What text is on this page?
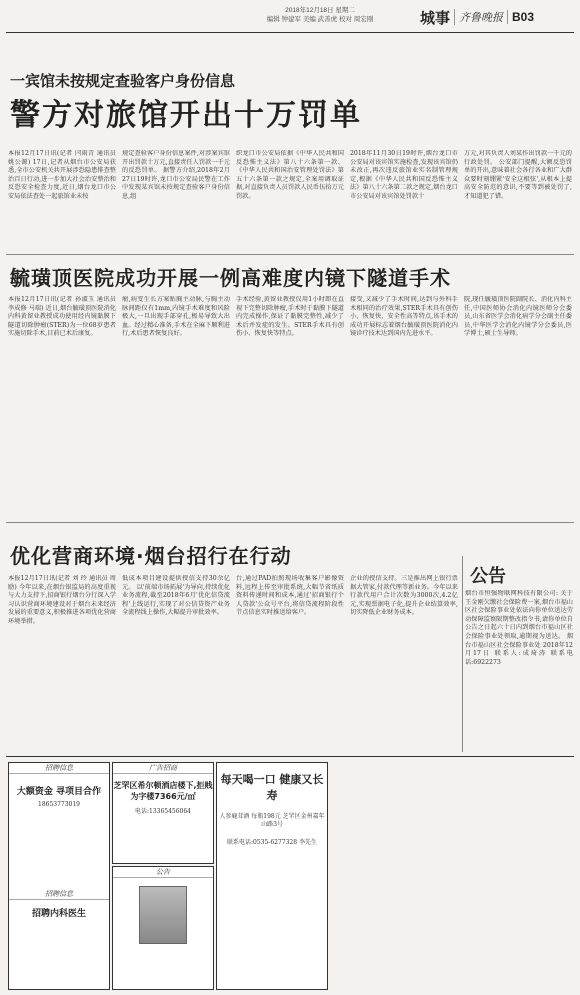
2018年12月18日 星期二
编辑 钟建军 美编 武善虎 校对 周宏刚	城事 齐鲁晚报 B03
一宾馆未按规定查验客户身份信息
警方对旅馆开出十万罚单
本报12月17日讯(记者 闫雨青 通讯员 姚公源) 17日,记者从烟台市公安局获悉,全市公安机关共开展涉恐隐患排查整治百日行动,进一步加大社会治安整治和反恐安全检查力度,近日,烟台龙口市公安局依法查处一起旅馆业未按
规定查验客户身份信息案件,对涉案宾馆开出罚款十万元,直接责任人罚款一千元的反恐罚单。 据警方介绍,2018年2月27日19时许,龙口市公安局民警在工作中发现某宾馆未按规定查验客户身份信息,组
织龙口市公安局依据《中华人民共和国反恐怖主义法》第八十六条第一款、《中华人民共和国治安管理处罚法》第五十六条第一款之规定,全案用调取证据,对直接负责人员罚款人民币伍拾万元罚款。
2018年11月30日19时许,烟台龙口市公安局对该宾馆实施检查,发现该宾馆仍未改正,再次违反旅馆业实名制管理规定,根据《中华人民共和国反恐怖主义法》第八十六条第二款之规定,烟台龙口市公安局对该宾馆处罚款十
万元,对其负责人刘某作出罚款一千元的行政处罚。 公安部门提醒,大额反恐罚单的开出,意味着社会各行各业和广大群众要时刻绷紧'安全这根弦',从根本上提高安全防范的意识,不要等到被处罚了,才知道犯了错。
毓璜顶医院成功开展一例高难度内镜下隧道手术
本报12月17日讯(记者 孙淑玉 通讯员 李成修 马瑞) 近日,烟台毓璜顶医院消化内科黄留业教授成功使用经内镜黏膜下隧道切除肿瘤(STER)为一位68岁患者实施切除手术,目前已术后康复。
瘤,病变生长方案贴胸主动脉,与胸主动脉间距仅有1mm,内镜手术难度和风险极大,一旦出现手部穿孔,极易导致大出血。经过精心准备,手术在全麻下顺利进行,术后患者恢复良好。
手术经验,黄留业教授仅用1小时即在直视下完整切除肿瘤,手术时于黏膜下隧道内完成操作,保证了黏膜完整性,减少了术后并发症的发生。STER手术具有创伤小、恢复快等特点。
接受,又减少了手术时间,达到与外科手术相同的治疗效果,STER手术具有创伤小、恢复快、安全性高等特点,该手术的成功开展标志着烟台毓璜顶医院消化内镜诊疗技术达到国内先进水平。
院,现任毓璜顶医院副院长、消化内科主任,中国医师协会消化内镜医师分会委员,山东省医学会消化病学分会副主任委员,中华医学会消化内镜学分会委员,医学博士,硕士生导师。
优化营商环境·烟台招行在行动
本报12月17日讯(记者 刘 玲 通讯员 周励) 今年以来,在烟台银监局的高度重视与大力支持下,招商银行烟台分行深入学习认识营商环境建设对于烟台未来经济发展的重要意义,积极推进各项优化营商环境举措。
低成本项目建设提供授信支持30余亿元。 以'前端市场拓展'为导向,持续优化业务流程,截至2018年6月'优化信贷流程'上线运行,实现了对公信贷资产业务全流程线上操作,大幅提升审批效率。
台,通过PAD拍照现场收集客户影像资料,远程上传至审批系统,大幅节省纸质资料传递时间和成本,通过'招商银行个人贷款'公众号平台,将信贷流程阶段性节点信息实时推送给客户。
企业的授信支持。三是推出网上银行票据大管家,付款代理等新业务。今年以来行款代用户合计次数为3000次,4.2亿元,实现票据电子化,提升企业结算效率,切实降低企业财务成本。
公告
烟台市恒强物联网科技有限公司: 关于王金刚欠缴社会保险费一案,烟台市福山区社会保险事业处依法向你单位送达劳动保障监察限期整改指令书,请你单位自公告之日起六十日内到烟台市福山区社会保险事业处领取,逾期视为送达。 烟台市福山区社会保险事业处 2018年12月17日 联系人:成琦涛 联系电话:6922273
招聘信息
大额资金 寻项目合作
18653773019
招聘信息
招聘内科医生
广告招商
芝罘区希尔顿酒店楼下,拒贱为字楼7366元/㎡
电话:13365456064
公告
每天喝一口 健康又长寿
人参鹿茸酒 每瓶198元 芝罘区金州嘉年山路3号
联系电话:0535-6277328 李先生
